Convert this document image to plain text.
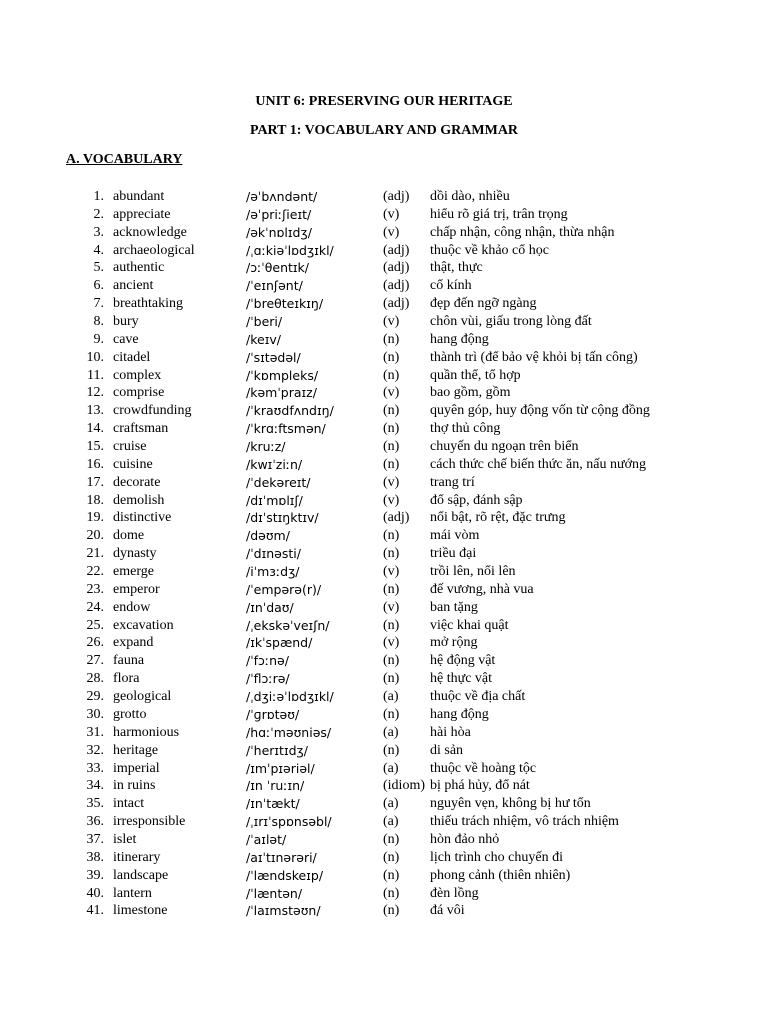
UNIT 6: PRESERVING OUR HERITAGE
PART 1: VOCABULARY AND GRAMMAR
A. VOCABULARY
1. abundant	/əˈbʌndənt/	(adj) dồi dào, nhiều
2. appreciate	/əˈpriːʃieɪt/	(v) hiểu rõ giá trị, trân trọng
3. acknowledge	/əkˈnɒlɪdʒ/	(v) chấp nhận, công nhận, thừa nhận
4. archaeological	/ˌɑːkiəˈlɒdʒɪkl/	(adj) thuộc về khảo cổ học
5. authentic	/ɔːˈθentɪk/	(adj) thật, thực
6. ancient	/ˈeɪnʃənt/	(adj) cổ kính
7. breathtaking	/ˈbreθteɪkɪŋ/	(adj) đẹp đến ngỡ ngàng
8. bury	/ˈberi/	(v) chôn vùi, giấu trong lòng đất
9. cave	/keɪv/	(n) hang động
10. citadel	/ˈsɪtədəl/	(n) thành trì (để bảo vệ khỏi bị tấn công)
11. complex	/ˈkɒmpleks/	(n) quần thể, tổ hợp
12. comprise	/kəmˈpraɪz/	(v) bao gồm, gồm
13. crowdfunding	/ˈkraʊdfʌndɪŋ/	(n) quyên góp, huy động vốn từ cộng đồng
14. craftsman	/ˈkrɑːftsmən/	(n) thợ thủ công
15. cruise	/kruːz/	(n) chuyến du ngoạn trên biển
16. cuisine	/kwɪˈziːn/	(n) cách thức chế biến thức ăn, nấu nướng
17. decorate	/ˈdekəreɪt/	(v) trang trí
18. demolish	/dɪˈmɒlɪʃ/	(v) đổ sập, đánh sập
19. distinctive	/dɪˈstɪŋktɪv/	(adj) nổi bật, rõ rệt, đặc trưng
20. dome	/dəʊm/	(n) mái vòm
21. dynasty	/ˈdɪnəsti/	(n) triều đại
22. emerge	/iˈmɜːdʒ/	(v) trồi lên, nổi lên
23. emperor	/ˈempərə(r)/	(n) đế vương, nhà vua
24. endow	/ɪnˈdaʊ/	(v) ban tặng
25. excavation	/ˌekskəˈveɪʃn/	(n) việc khai quật
26. expand	/ɪkˈspænd/	(v) mở rộng
27. fauna	/ˈfɔːnə/	(n) hệ động vật
28. flora	/ˈflɔːrə/	(n) hệ thực vật
29. geological	/ˌdʒiːəˈlɒdʒɪkl/	(a) thuộc về địa chất
30. grotto	/ˈɡrɒtəʊ/	(n) hang động
31. harmonious	/hɑːˈməʊniəs/	(a) hài hòa
32. heritage	/ˈherɪtɪdʒ/	(n) di sản
33. imperial	/ɪmˈpɪəriəl/	(a) thuộc về hoàng tộc
34. in ruins	/ɪn ˈruːɪn/	(idiom) bị phá hủy, đổ nát
35. intact	/ɪnˈtækt/	(a) nguyên vẹn, không bị hư tổn
36. irresponsible	/ˌɪrɪˈspɒnsəbl/	(a) thiếu trách nhiệm, vô trách nhiệm
37. islet	/ˈaɪlət/	(n) hòn đảo nhỏ
38. itinerary	/aɪˈtɪnərəri/	(n) lịch trình cho chuyến đi
39. landscape	/ˈlændskeɪp/	(n) phong cảnh (thiên nhiên)
40. lantern	/ˈlæntən/	(n) đèn lồng
41. limestone	/ˈlaɪmstəʊn/	(n) đá vôi
